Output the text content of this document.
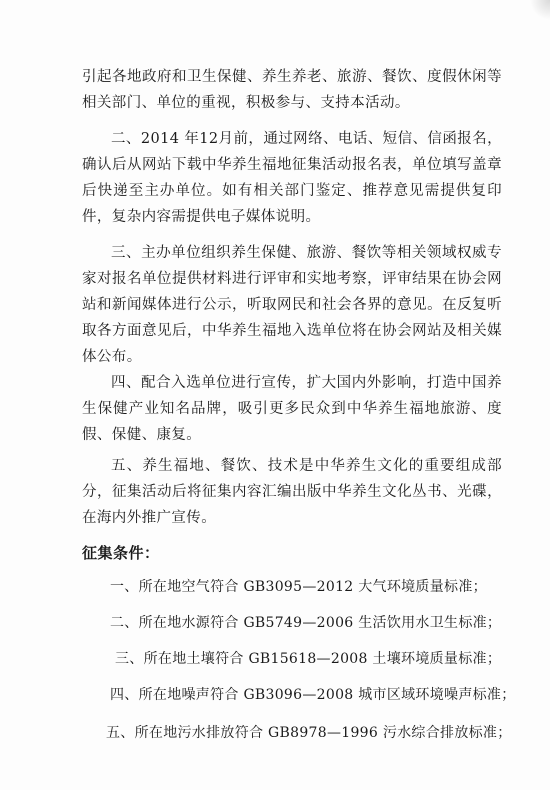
引起各地政府和卫生保健、养生养老、旅游、餐饮、度假休闲等相关部门、单位的重视，积极参与、支持本活动。

二、2014 年12月前，通过网络、电话、短信、信函报名，确认后从网站下载中华养生福地征集活动报名表，单位填写盖章后快递至主办单位。如有相关部门鉴定、推荐意见需提供复印件，复杂内容需提供电子媒体说明。

三、主办单位组织养生保健、旅游、餐饮等相关领域权威专家对报名单位提供材料进行评审和实地考察，评审结果在协会网站和新闻媒体进行公示，听取网民和社会各界的意见。在反复听取各方面意见后，中华养生福地入选单位将在协会网站及相关媒体公布。

四、配合入选单位进行宣传，扩大国内外影响，打造中国养生保健产业知名品牌，吸引更多民众到中华养生福地旅游、度假、保健、康复。

五、养生福地、餐饮、技术是中华养生文化的重要组成部分，征集活动后将征集内容汇编出版中华养生文化丛书、光碟，在海内外推广宣传。

征集条件：
一、所在地空气符合 GB3095—2012 大气环境质量标准；
二、所在地水源符合 GB5749—2006 生活饮用水卫生标准；
三、所在地土壤符合 GB15618—2008 土壤环境质量标准；
四、所在地噪声符合 GB3096—2008 城市区域环境噪声标准；
五、所在地污水排放符合 GB8978—1996 污水综合排放标准；
